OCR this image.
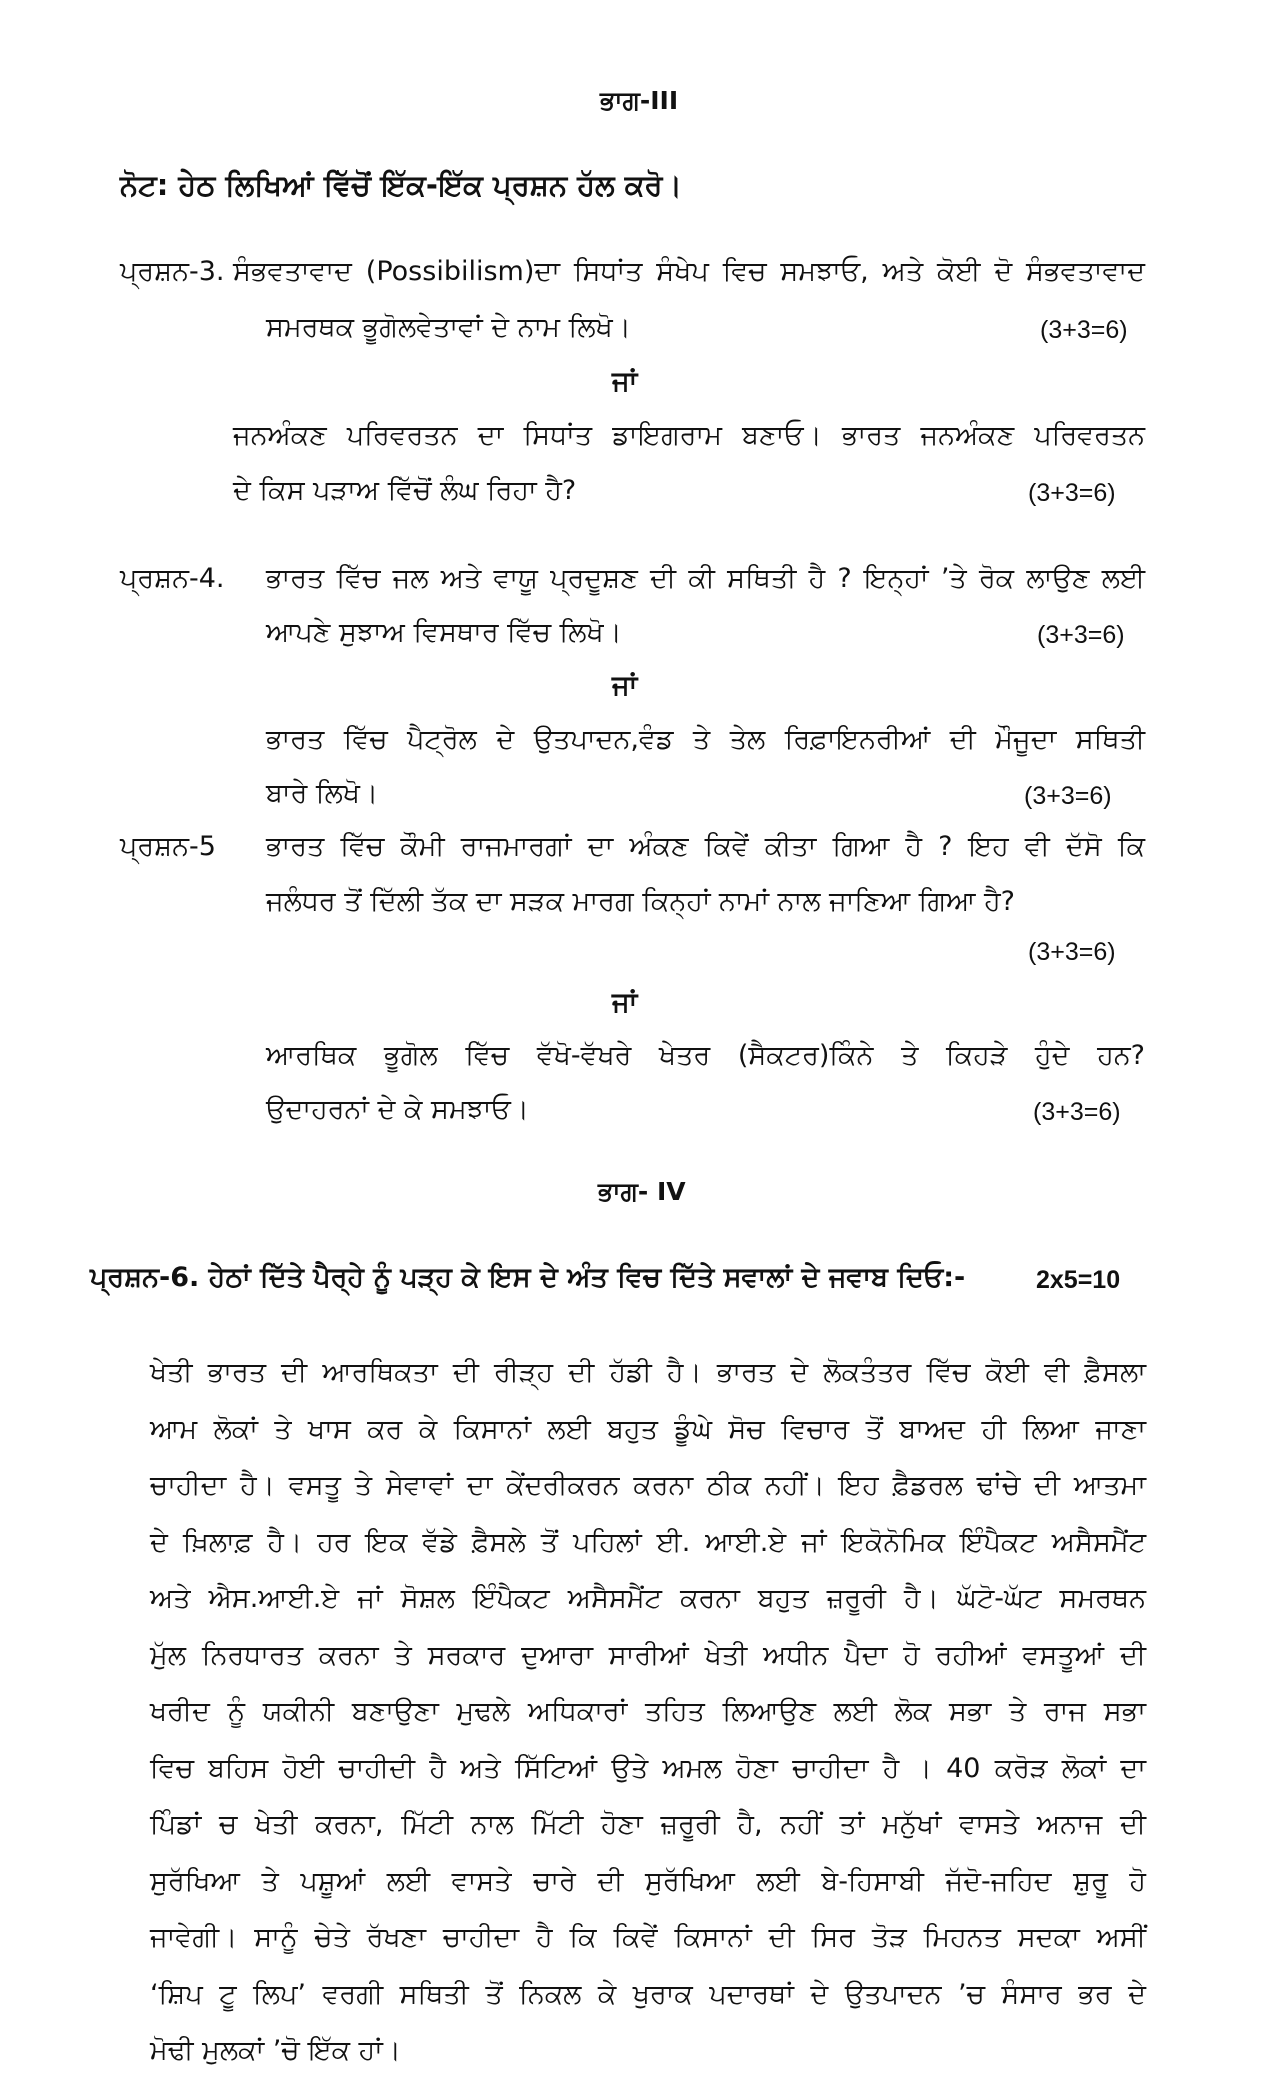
ਭਾਗ-III
ਨੋਟ: ਹੇਠ ਲਿਖਿਆਂ ਵਿੱਚੋਂ ਇੱਕ-ਇੱਕ ਪ੍ਰਸ਼ਨ ਹੱਲ ਕਰੋ।
ਪ੍ਰਸ਼ਨ-3. ਸੰਭਵਤਾਵਾਦ (Possibilism)ਦਾ ਸਿਧਾਂਤ ਸੰਖੇਪ ਵਿਚ ਸਮਝਾਓ, ਅਤੇ ਕੋਈ ਦੋ ਸੰਭਵਤਾਵਾਦ
ਸਮਰਥਕ ਭੂਗੋਲਵੇਤਾਵਾਂ ਦੇ ਨਾਮ ਲਿਖੋ।	(3+3=6)
ਜਾਂ
ਜਨਅੰਕਣ ਪਰਿਵਰਤਨ ਦਾ ਸਿਧਾਂਤ ਡਾਇਗਰਾਮ ਬਣਾਓ। ਭਾਰਤ ਜਨਅੰਕਣ ਪਰਿਵਰਤਨ
ਦੇ ਕਿਸ ਪੜਾਅ ਵਿੱਚੋਂ ਲੰਘ ਰਿਹਾ ਹੈ?	(3+3=6)
ਪ੍ਰਸ਼ਨ-4. ਭਾਰਤ ਵਿੱਚ ਜਲ ਅਤੇ ਵਾਯੂ ਪ੍ਰਦੂਸ਼ਣ ਦੀ ਕੀ ਸਥਿਤੀ ਹੈ ? ਇਨ੍ਹਾਂ ’ਤੇ ਰੋਕ ਲਾਉਣ ਲਈ
ਆਪਣੇ ਸੁਝਾਅ ਵਿਸਥਾਰ ਵਿੱਚ ਲਿਖੋ।	(3+3=6)
ਜਾਂ
ਭਾਰਤ ਵਿੱਚ ਪੈਟ੍ਰੋਲ ਦੇ ਉਤਪਾਦਨ,ਵੰਡ ਤੇ ਤੇਲ ਰਿਫ਼ਾਇਨਰੀਆਂ ਦੀ ਮੌਜੂਦਾ ਸਥਿਤੀ
ਬਾਰੇ ਲਿਖੋ।	(3+3=6)
ਪ੍ਰਸ਼ਨ-5 ਭਾਰਤ ਵਿੱਚ ਕੌਮੀ ਰਾਜਮਾਰਗਾਂ ਦਾ ਅੰਕਣ ਕਿਵੇਂ ਕੀਤਾ ਗਿਆ ਹੈ ? ਇਹ ਵੀ ਦੱਸੋ ਕਿ
ਜਲੰਧਰ ਤੋਂ ਦਿੱਲੀ ਤੱਕ ਦਾ ਸੜਕ ਮਾਰਗ ਕਿਨ੍ਹਾਂ ਨਾਮਾਂ ਨਾਲ ਜਾਣਿਆ ਗਿਆ ਹੈ?
(3+3=6)
ਜਾਂ
ਆਰਥਿਕ ਭੂਗੋਲ ਵਿੱਚ ਵੱਖੋ-ਵੱਖਰੇ ਖੇਤਰ (ਸੈਕਟਰ)ਕਿੰਨੇ ਤੇ ਕਿਹੜੇ ਹੁੰਦੇ ਹਨ?
ਉਦਾਹਰਨਾਂ ਦੇ ਕੇ ਸਮਝਾਓ।	(3+3=6)
ਭਾਗ- IV
ਪ੍ਰਸ਼ਨ-6. ਹੇਠਾਂ ਦਿੱਤੇ ਪੈਰ੍ਹੇ ਨੂੰ ਪੜ੍ਹ ਕੇ ਇਸ ਦੇ ਅੰਤ ਵਿਚ ਦਿੱਤੇ ਸਵਾਲਾਂ ਦੇ ਜਵਾਬ ਦਿਓ:-	2x5=10
ਖੇਤੀ ਭਾਰਤ ਦੀ ਆਰਥਿਕਤਾ ਦੀ ਰੀੜ੍ਹ ਦੀ ਹੱਡੀ ਹੈ। ਭਾਰਤ ਦੇ ਲੋਕਤੰਤਰ ਵਿੱਚ ਕੋਈ ਵੀ ਫ਼ੈਸਲਾ
ਆਮ ਲੋਕਾਂ ਤੇ ਖਾਸ ਕਰ ਕੇ ਕਿਸਾਨਾਂ ਲਈ ਬਹੁਤ ਡੂੰਘੇ ਸੋਚ ਵਿਚਾਰ ਤੋਂ ਬਾਅਦ ਹੀ ਲਿਆ ਜਾਣਾ
ਚਾਹੀਦਾ ਹੈ। ਵਸਤੂ ਤੇ ਸੇਵਾਵਾਂ ਦਾ ਕੇਂਦਰੀਕਰਨ ਕਰਨਾ ਠੀਕ ਨਹੀਂ। ਇਹ ਫ਼ੈਡਰਲ ਢਾਂਚੇ ਦੀ ਆਤਮਾ
ਦੇ ਖ਼ਿਲਾਫ਼ ਹੈ। ਹਰ ਇਕ ਵੱਡੇ ਫ਼ੈਸਲੇ ਤੋਂ ਪਹਿਲਾਂ ਈ. ਆਈ.ਏ ਜਾਂ ਇਕੋਨੋਮਿਕ ਇੰਪੈਕਟ ਅਸੈਸਮੈਂਟ
ਅਤੇ ਐਸ.ਆਈ.ਏ ਜਾਂ ਸੋਸ਼ਲ ਇੰਪੈਕਟ ਅਸੈਸਮੈਂਟ ਕਰਨਾ ਬਹੁਤ ਜ਼ਰੂਰੀ ਹੈ। ਘੱਟੋ-ਘੱਟ ਸਮਰਥਨ
ਮੁੱਲ ਨਿਰਧਾਰਤ ਕਰਨਾ ਤੇ ਸਰਕਾਰ ਦੁਆਰਾ ਸਾਰੀਆਂ ਖੇਤੀ ਅਧੀਨ ਪੈਦਾ ਹੋ ਰਹੀਆਂ ਵਸਤੂਆਂ ਦੀ
ਖਰੀਦ ਨੂੰ ਯਕੀਨੀ ਬਣਾਉਣਾ ਮੁਢਲੇ ਅਧਿਕਾਰਾਂ ਤਹਿਤ ਲਿਆਉਣ ਲਈ ਲੋਕ ਸਭਾ ਤੇ ਰਾਜ ਸਭਾ
ਵਿਚ ਬਹਿਸ ਹੋਈ ਚਾਹੀਦੀ ਹੈ ਅਤੇ ਸਿੱਟਿਆਂ ਉਤੇ ਅਮਲ ਹੋਣਾ ਚਾਹੀਦਾ ਹੈ । 40 ਕਰੋੜ ਲੋਕਾਂ ਦਾ
ਪਿੰਡਾਂ ਚ ਖੇਤੀ ਕਰਨਾ, ਮਿੱਟੀ ਨਾਲ ਮਿੱਟੀ ਹੋਣਾ ਜ਼ਰੂਰੀ ਹੈ, ਨਹੀਂ ਤਾਂ ਮਨੁੱਖਾਂ ਵਾਸਤੇ ਅਨਾਜ ਦੀ
ਸੁਰੱਖਿਆ ਤੇ ਪਸ਼ੂਆਂ ਲਈ ਵਾਸਤੇ ਚਾਰੇ ਦੀ ਸੁਰੱਖਿਆ ਲਈ ਬੇ-ਹਿਸਾਬੀ ਜੱਦੋ-ਜਹਿਦ ਸ਼ੁਰੂ ਹੋ
ਜਾਵੇਗੀ। ਸਾਨੂੰ ਚੇਤੇ ਰੱਖਣਾ ਚਾਹੀਦਾ ਹੈ ਕਿ ਕਿਵੇਂ ਕਿਸਾਨਾਂ ਦੀ ਸਿਰ ਤੋੜ ਮਿਹਨਤ ਸਦਕਾ ਅਸੀਂ
‘ਸ਼ਿਪ ਟੂ ਲਿਪ’ ਵਰਗੀ ਸਥਿਤੀ ਤੋਂ ਨਿਕਲ ਕੇ ਖੁਰਾਕ ਪਦਾਰਥਾਂ ਦੇ ਉਤਪਾਦਨ ’ਚ ਸੰਸਾਰ ਭਰ ਦੇ
ਮੋਢੀ ਮੁਲਕਾਂ ’ਚੋ ਇੱਕ ਹਾਂ।
